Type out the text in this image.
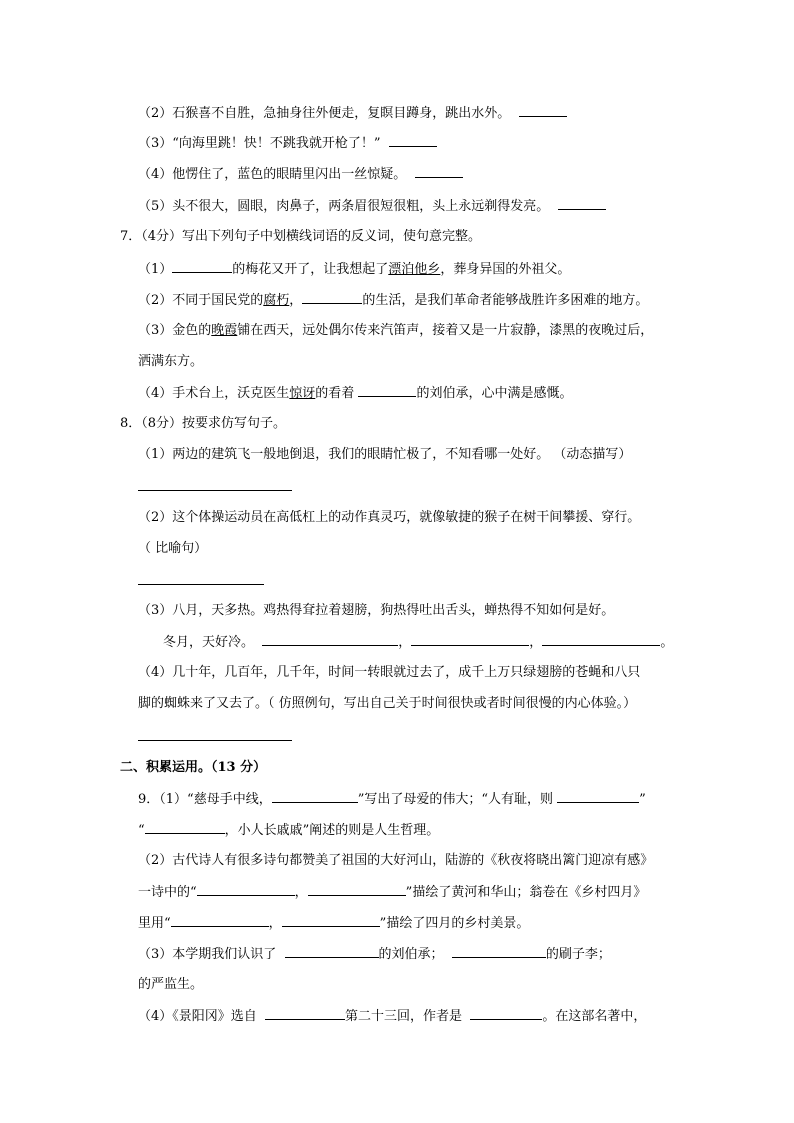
（2）石猴喜不自胜，急抽身往外便走，复瞑目蹲身，跳出水外。
（3）“向海里跳！快！不跳我就开枪了！”
（4）他愣住了，蓝色的眼睛里闪出一丝惊疑。
（5）头不很大，圆眼，肉鼻子，两条眉很短很粗，头上永远剃得发亮。
7．（4分）写出下列句子中划横线词语的反义词，使句意完整。
（1）	的梅花又开了，让我想起了漂泊他乡，葬身异国的外祖父。
（2）不同于国民党的腐朽，	的生活，是我们革命者能够战胜许多困难的地方。
（3）金色的晚霞铺在西天，远处偶尔传来汽笛声，接着又是一片寂静，漆黑的夜晚过后，
洒满东方。
（4）手术台上，沃克医生惊讶的看着	的刘伯承，心中满是感慨。
8．（8分）按要求仿写句子。
（1）两边的建筑飞一般地倒退，我们的眼睛忙极了，不知看哪一处好。 （动态描写）
（2）这个体操运动员在高低杠上的动作真灵巧，就像敏捷的猴子在树干间攀援、穿行。
（ 比喻句）
（3）八月，天多热。鸡热得耷拉着翅膀，狗热得吐出舌头，蝉热得不知如何是好。
冬月，天好冷。	，	，	。
（4）几十年，几百年，几千年，时间一转眼就过去了，成千上万只绿翅膀的苍蝇和八只
脚的蜘蛛来了又去了。（ 仿照例句，写出自己关于时间很快或者时间很慢的内心体验。）
二、积累运用。（13 分）
9．（1）“慈母手中线，	”写出了母爱的伟大；“人有耻，则	”
“	，小人长戚戚”阐述的则是人生哲理。
（2）古代诗人有很多诗句都赞美了祖国的大好河山，陆游的《秋夜将晓出篱门迎凉有感》
一诗中的“	，	”描绘了黄河和华山；翁卷在《乡村四月》
里用“	，	”描绘了四月的乡村美景。
（3）本学期我们认识了	的刘伯承；	的刷子李；
的严监生。
（4）《景阳冈》选自	第二十三回，作者是	。在这部名著中，
